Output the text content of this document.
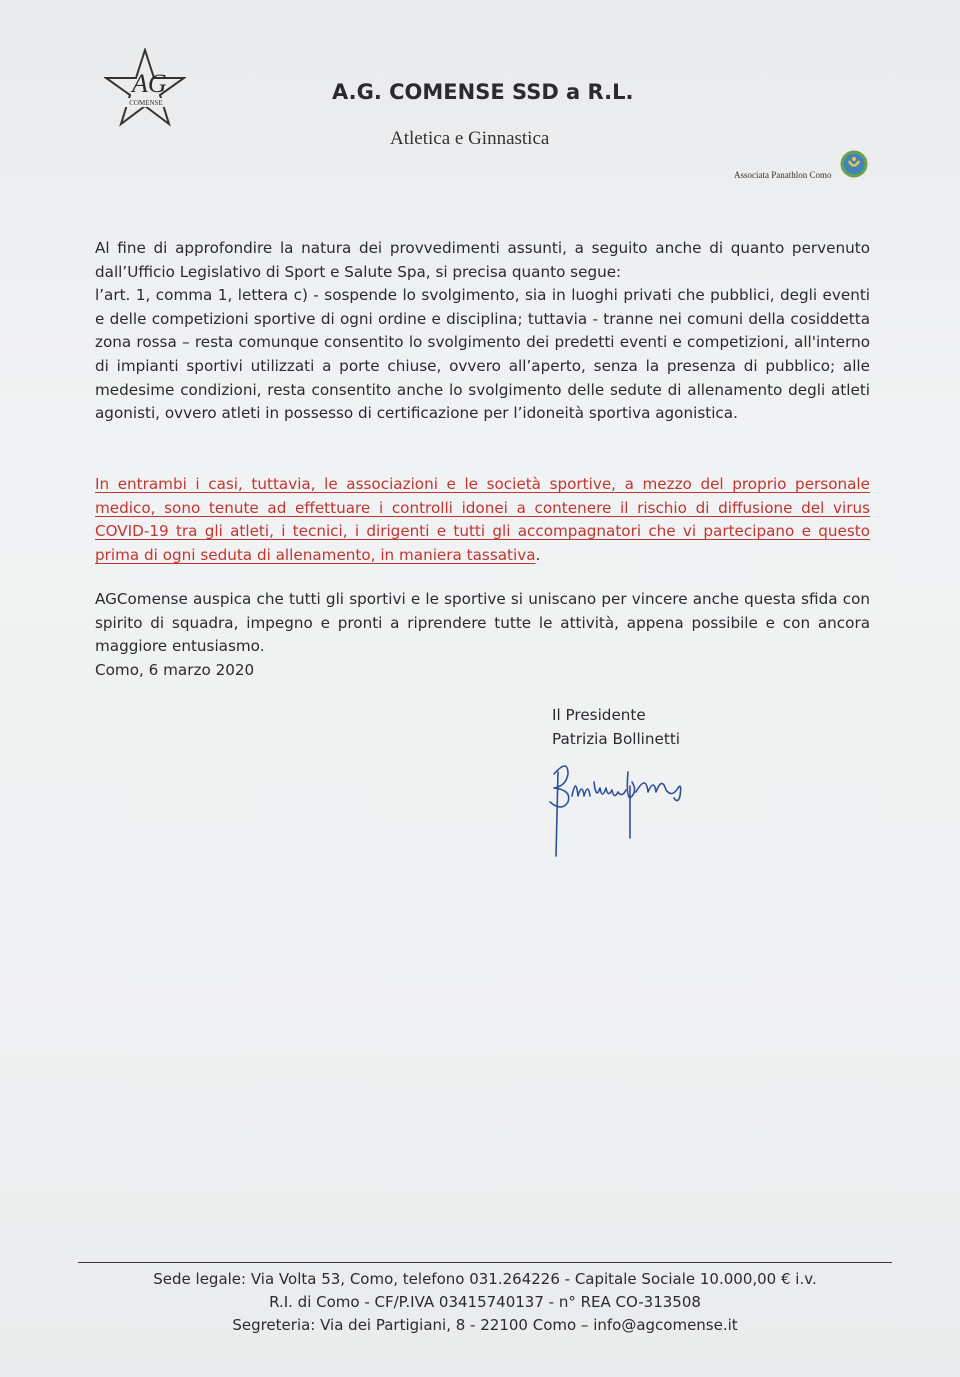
AG
COMENSE	A.G. COMENSE SSD a R.L.
Atletica e Ginnastica
Associata Panathlon Como

Al fine di approfondire la natura dei provvedimenti assunti, a seguito anche di quanto pervenuto dall’Ufficio Legislativo di Sport e Salute Spa, si precisa quanto segue:

l’art. 1, comma 1, lettera c) - sospende lo svolgimento, sia in luoghi privati che pubblici, degli eventi e delle competizioni sportive di ogni ordine e disciplina; tuttavia - tranne nei comuni della cosiddetta zona rossa – resta comunque consentito lo svolgimento dei predetti eventi e competizioni, all'interno di impianti sportivi utilizzati a porte chiuse, ovvero all’aperto, senza la presenza di pubblico; alle medesime condizioni, resta consentito anche lo svolgimento delle sedute di allenamento degli atleti agonisti, ovvero atleti in possesso di certificazione per l’idoneità sportiva agonistica.

In entrambi i casi, tuttavia, le associazioni e le società sportive, a mezzo del proprio personale medico, sono tenute ad effettuare i controlli idonei a contenere il rischio di diffusione del virus COVID-19 tra gli atleti, i tecnici, i dirigenti e tutti gli accompagnatori che vi partecipano e questo prima di ogni seduta di allenamento, in maniera tassativa.
AGComense auspica che tutti gli sportivi e le sportive si uniscano per vincere anche questa sfida con spirito di squadra, impegno e pronti a riprendere tutte le attività, appena possibile e con ancora maggiore entusiasmo.
Como, 6 marzo 2020
Il Presidente
Patrizia Bollinetti
Sede legale: Via Volta 53, Como, telefono 031.264226 - Capitale Sociale 10.000,00 € i.v.
R.I. di Como - CF/P.IVA 03415740137 - n° REA CO-313508
Segreteria: Via dei Partigiani, 8 - 22100 Como – info@agcomense.it
